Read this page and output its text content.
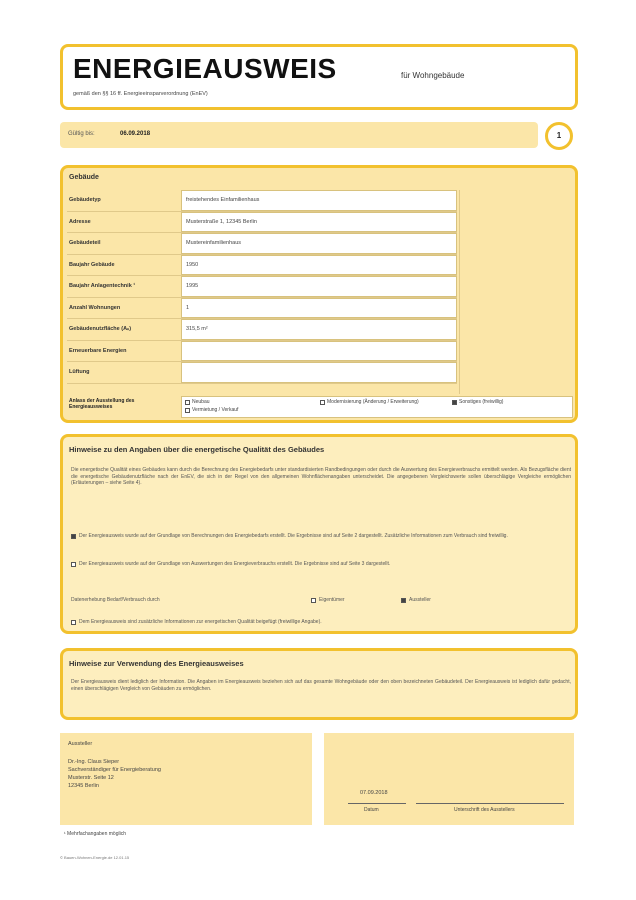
ENERGIEAUSWEIS	für Wohngebäude
gemäß den §§ 16 ff. Energieeinsparverordnung (EnEV)
Gültig bis:	06.09.2018	1
Gebäude
Gebäudetyp	freistehendes Einfamilienhaus
Adresse	Musterstraße 1, 12345 Berlin
Gebäudeteil	Mustereinfamilienhaus
Baujahr Gebäude	1950
Baujahr Anlagentechnik ¹	1995
Anzahl Wohnungen	1
Gebäudenutzfläche (Aₙ)	315,5 m²
Erneuerbare Energien
Lüftung
Anlass der Ausstellung des Energieausweises
Neubau
Vermietung / Verkauf
Modernisierung (Änderung / Erweiterung)	Sonstiges (freiwillig)
Hinweise zu den Angaben über die energetische Qualität des Gebäudes
Die energetische Qualität eines Gebäudes kann durch die Berechnung des Energiebedarfs unter standardisierten Randbedingungen oder durch die Auswertung des Energieverbrauchs ermittelt werden. Als Bezugsfläche dient die energetische Gebäudenutzfläche nach der EnEV, die sich in der Regel von den allgemeinen Wohnflächenangaben unterscheidet. Die angegebenen Vergleichswerte sollen überschlägige Vergleiche ermöglichen (Erläuterungen – siehe Seite 4).
Der Energieausweis wurde auf der Grundlage von Berechnungen des Energiebedarfs erstellt. Die Ergebnisse sind auf Seite 2 dargestellt. Zusätzliche Informationen zum Verbrauch sind freiwillig.
Der Energieausweis wurde auf der Grundlage von Auswertungen des Energieverbrauchs erstellt. Die Ergebnisse sind auf Seite 3 dargestellt.
Datenerhebung Bedarf/Verbrauch durch	Eigentümer	Aussteller
Dem Energieausweis sind zusätzliche Informationen zur energetischen Qualität beigefügt (freiwillige Angabe).
Hinweise zur Verwendung des Energieausweises
Der Energieausweis dient lediglich der Information. Die Angaben im Energieausweis beziehen sich auf das gesamte Wohngebäude oder den oben bezeichneten Gebäudeteil. Der Energieausweis ist lediglich dafür gedacht, einen überschlägigen Vergleich von Gebäuden zu ermöglichen.
Aussteller
Dr.-Ing. Claus Sieper
Sachverständiger für Energieberatung
Musterstr. Seite 12
12345 Berlin
07.09.2018
Datum	Unterschrift des Ausstellers
¹ Mehrfachangaben möglich
© Bauen-Wohnen-Energie.de 12.01.15
